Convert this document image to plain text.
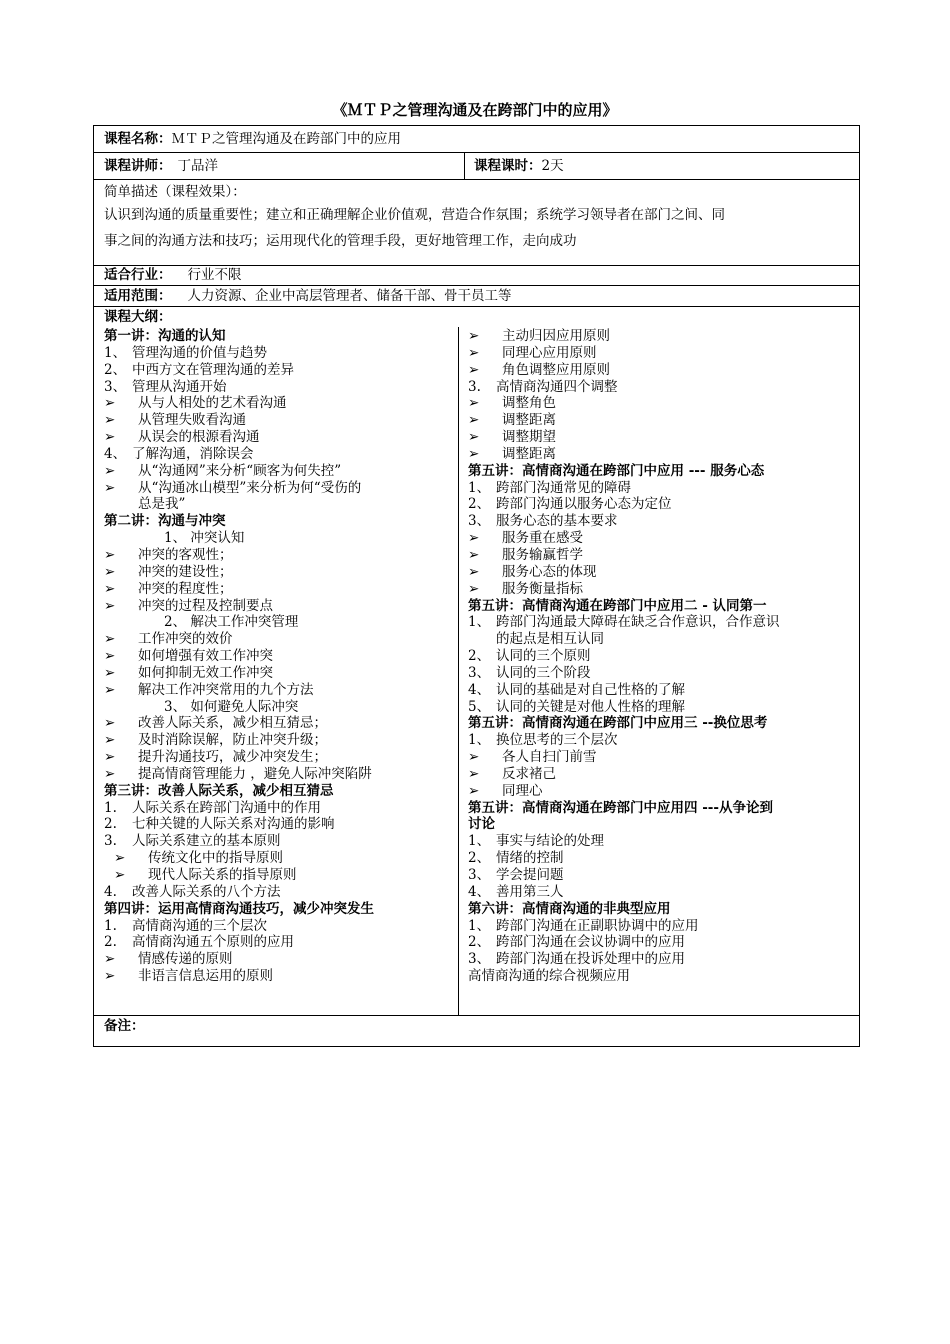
《ＭＴＰ之管理沟通及在跨部门中的应用》
课程名称：ＭＴＰ之管理沟通及在跨部门中的应用
课程讲师： 丁品洋	课程课时：2天
简单描述（课程效果）：
认识到沟通的质量重要性；建立和正确理解企业价值观，营造合作氛围；系统学习领导者在部门之间、同
事之间的沟通方法和技巧；运用现代化的管理手段，更好地管理工作，走向成功
适合行业： 行业不限
适用范围： 人力资源、企业中高层管理者、储备干部、骨干员工等
课程大纲：
第一讲：沟通的认知
1、 管理沟通的价值与趋势
2、 中西方文在管理沟通的差异
3、 管理从沟通开始
➢ 从与人相处的艺术看沟通
➢ 从管理失败看沟通
➢ 从误会的根源看沟通
4、 了解沟通，消除误会
➢ 从“沟通网”来分析“顾客为何失控”
➢ 从“沟通冰山模型”来分析为何“受伤的
总是我”
第二讲：沟通与冲突
1、 冲突认知
➢ 冲突的客观性；
➢ 冲突的建设性；
➢ 冲突的程度性；
➢ 冲突的过程及控制要点
2、 解决工作冲突管理
➢ 工作冲突的效价
➢ 如何增强有效工作冲突
➢ 如何抑制无效工作冲突
➢ 解决工作冲突常用的九个方法
3、 如何避免人际冲突
➢ 改善人际关系，减少相互猜忌；
➢ 及时消除误解，防止冲突升级；
➢ 提升沟通技巧，减少冲突发生；
➢ 提高情商管理能力 ，避免人际冲突陷阱
第三讲：改善人际关系，减少相互猜忌
1. 人际关系在跨部门沟通中的作用
2. 七种关键的人际关系对沟通的影响
3. 人际关系建立的基本原则
➢ 传统文化中的指导原则
➢ 现代人际关系的指导原则
4. 改善人际关系的八个方法
第四讲：运用高情商沟通技巧，减少冲突发生
1. 高情商沟通的三个层次
2. 高情商沟通五个原则的应用
➢ 情感传递的原则
➢ 非语言信息运用的原则
➢ 主动归因应用原则
➢ 同理心应用原则
➢ 角色调整应用原则
3. 高情商沟通四个调整
➢ 调整角色
➢ 调整距离
➢ 调整期望
➢ 调整距离
第五讲：高情商沟通在跨部门中应用 --- 服务心态
1、 跨部门沟通常见的障碍
2、 跨部门沟通以服务心态为定位
3、 服务心态的基本要求
➢ 服务重在感受
➢ 服务输赢哲学
➢ 服务心态的体现
➢ 服务衡量指标
第五讲：高情商沟通在跨部门中应用二 - 认同第一
1、 跨部门沟通最大障碍在缺乏合作意识，合作意识
的起点是相互认同
2、 认同的三个原则
3、 认同的三个阶段
4、 认同的基础是对自己性格的了解
5、 认同的关键是对他人性格的理解
第五讲：高情商沟通在跨部门中应用三 --换位思考
1、 换位思考的三个层次
➢ 各人自扫门前雪
➢ 反求褚己
➢ 同理心
第五讲：高情商沟通在跨部门中应用四 ---从争论到
讨论
1、 事实与结论的处理
2、 情绪的控制
3、 学会提问题
4、 善用第三人
第六讲：高情商沟通的非典型应用
1、 跨部门沟通在正副职协调中的应用
2、 跨部门沟通在会议协调中的应用
3、 跨部门沟通在投诉处理中的应用
高情商沟通的综合视频应用
备注：
